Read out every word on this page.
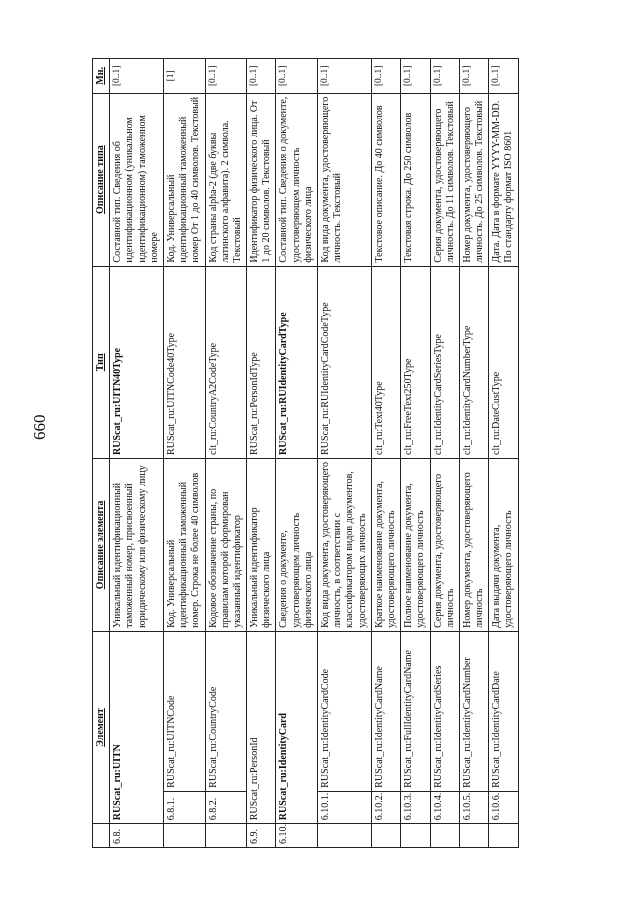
660
	Элемент		Описание элемента	Тип	Описание типа	Мн.
6.8.	RUScat_ru:UITN		Уникальный идентификационный таможенный номер, присвоенный юридическому или физическому лицу	RUScat_ru:UITN40Type	Составной тип. Сведения об идентификационном (уникальном идентификационном) таможенном номере	[0..1]
	6.8.1.	RUScat_ru:UITNCode	Код. Универсальный идентификационный таможенный номер. Строка не более 40 символов	RUScat_ru:UITNCode40Type	Код. Универсальный идентификационный таможенный номер От 1 до 40 символов. Текстовый	[1]
	6.8.2.	RUScat_ru:CountryCode	Кодовое обозначение страны, по правилам которой сформирован указанный идентификатор	clt_ru:CountryA2CodeType	Код страны alpha-2 (две буквы латинского алфавита). 2 символа. Текстовый	[0..1]
6.9.	RUScat_ru:PersonId		Уникальный идентификатор физического лица	RUScat_ru:PersonIdType	Идентификатор физического лица. От 1 до 20 символов. Текстовый	[0..1]
6.10.	RUScat_ru:IdentityCard		Сведения о документе, удостоверяющем личность физического лица	RUScat_ru:RUIdentityCardType	Составной тип. Сведения о документе, удостоверяющем личность физического лица	[0..1]
	6.10.1.	RUScat_ru:IdentityCardCode	Код вида документа, удостоверяющего личность, в соответствии с классификатором видов документов, удостоверяющих личность	RUScat_ru:RUIdentityCardCodeType	Код вида документа, удостоверяющего личность. Текстовый	[0..1]
	6.10.2.	RUScat_ru:IdentityCardName	Краткое наименование документа, удостоверяющего личность	clt_ru:Text40Type	Текстовое описание. До 40 символов	[0..1]
	6.10.3.	RUScat_ru:FullIdentityCardName	Полное наименование документа, удостоверяющего личность	clt_ru:FreeText250Type	Текстовая строка. До 250 символов	[0..1]
	6.10.4.	RUScat_ru:IdentityCardSeries	Серия документа, удостоверяющего личность	clt_ru:IdentityCardSeriesType	Серия документа, удостоверяющего личность. До 11 символов. Текстовый	[0..1]
	6.10.5.	RUScat_ru:IdentityCardNumber	Номер документа, удостоверяющего личность	clt_ru:IdentityCardNumberType	Номер документа, удостоверяющего личность. До 25 символов. Текстовый	[0..1]
	6.10.6.	RUScat_ru:IdentityCardDate	Дата выдачи документа, удостоверяющего личность	clt_ru:DateCustType	Дата. Дата в формате YYYY-MM-DD. По стандарту формат ISO 8601	[0..1]
